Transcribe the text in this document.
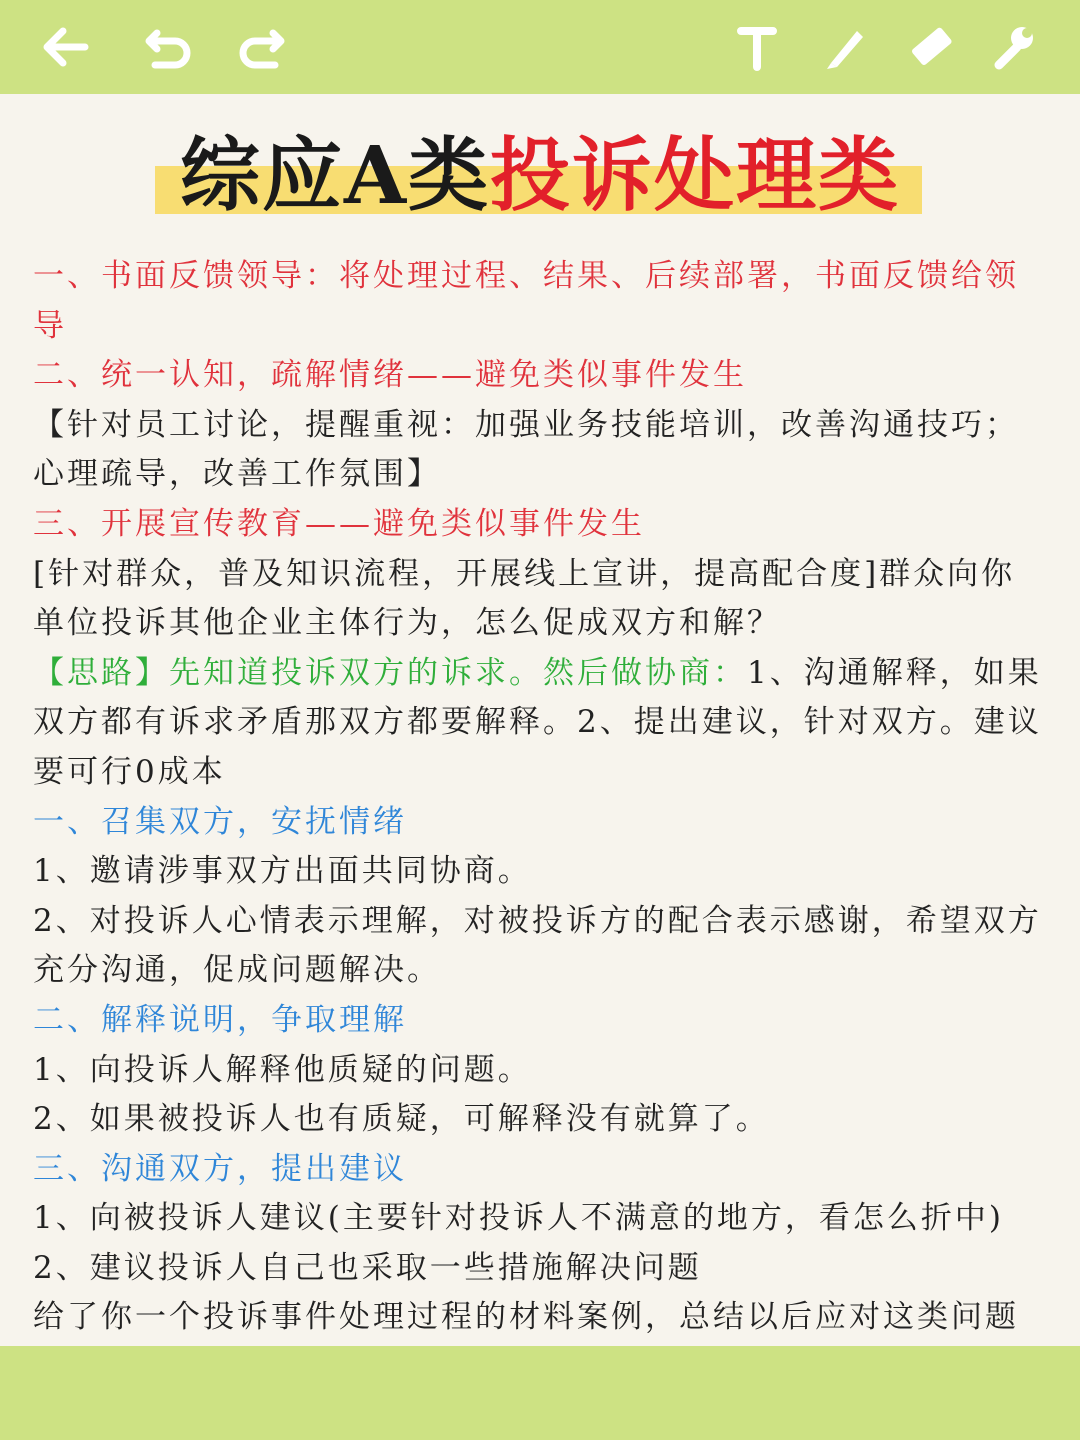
综应A类投诉处理类

一、书面反馈领导：将处理过程、结果、后续部署，书面反馈给领导

二、统一认知，疏解情绪——避免类似事件发生

【针对员工讨论，提醒重视：加强业务技能培训，改善沟通技巧；心理疏导，改善工作氛围】

三、开展宣传教育——避免类似事件发生

[针对群众，普及知识流程，开展线上宣讲，提高配合度]群众向你单位投诉其他企业主体行为，怎么促成双方和解？

【思路】先知道投诉双方的诉求。然后做协商：1、沟通解释，如果双方都有诉求矛盾那双方都要解释。2、提出建议，针对双方。建议要可行0成本

一、召集双方，安抚情绪

1、邀请涉事双方出面共同协商。

2、对投诉人心情表示理解，对被投诉方的配合表示感谢，希望双方充分沟通，促成问题解决。

二、解释说明，争取理解

1、向投诉人解释他质疑的问题。

2、如果被投诉人也有质疑，可解释没有就算了。

三、沟通双方，提出建议

1、向被投诉人建议(主要针对投诉人不满意的地方，看怎么折中)

2、建议投诉人自己也采取一些措施解决问题

给了你一个投诉事件处理过程的材料案例，总结以后应对这类问题
